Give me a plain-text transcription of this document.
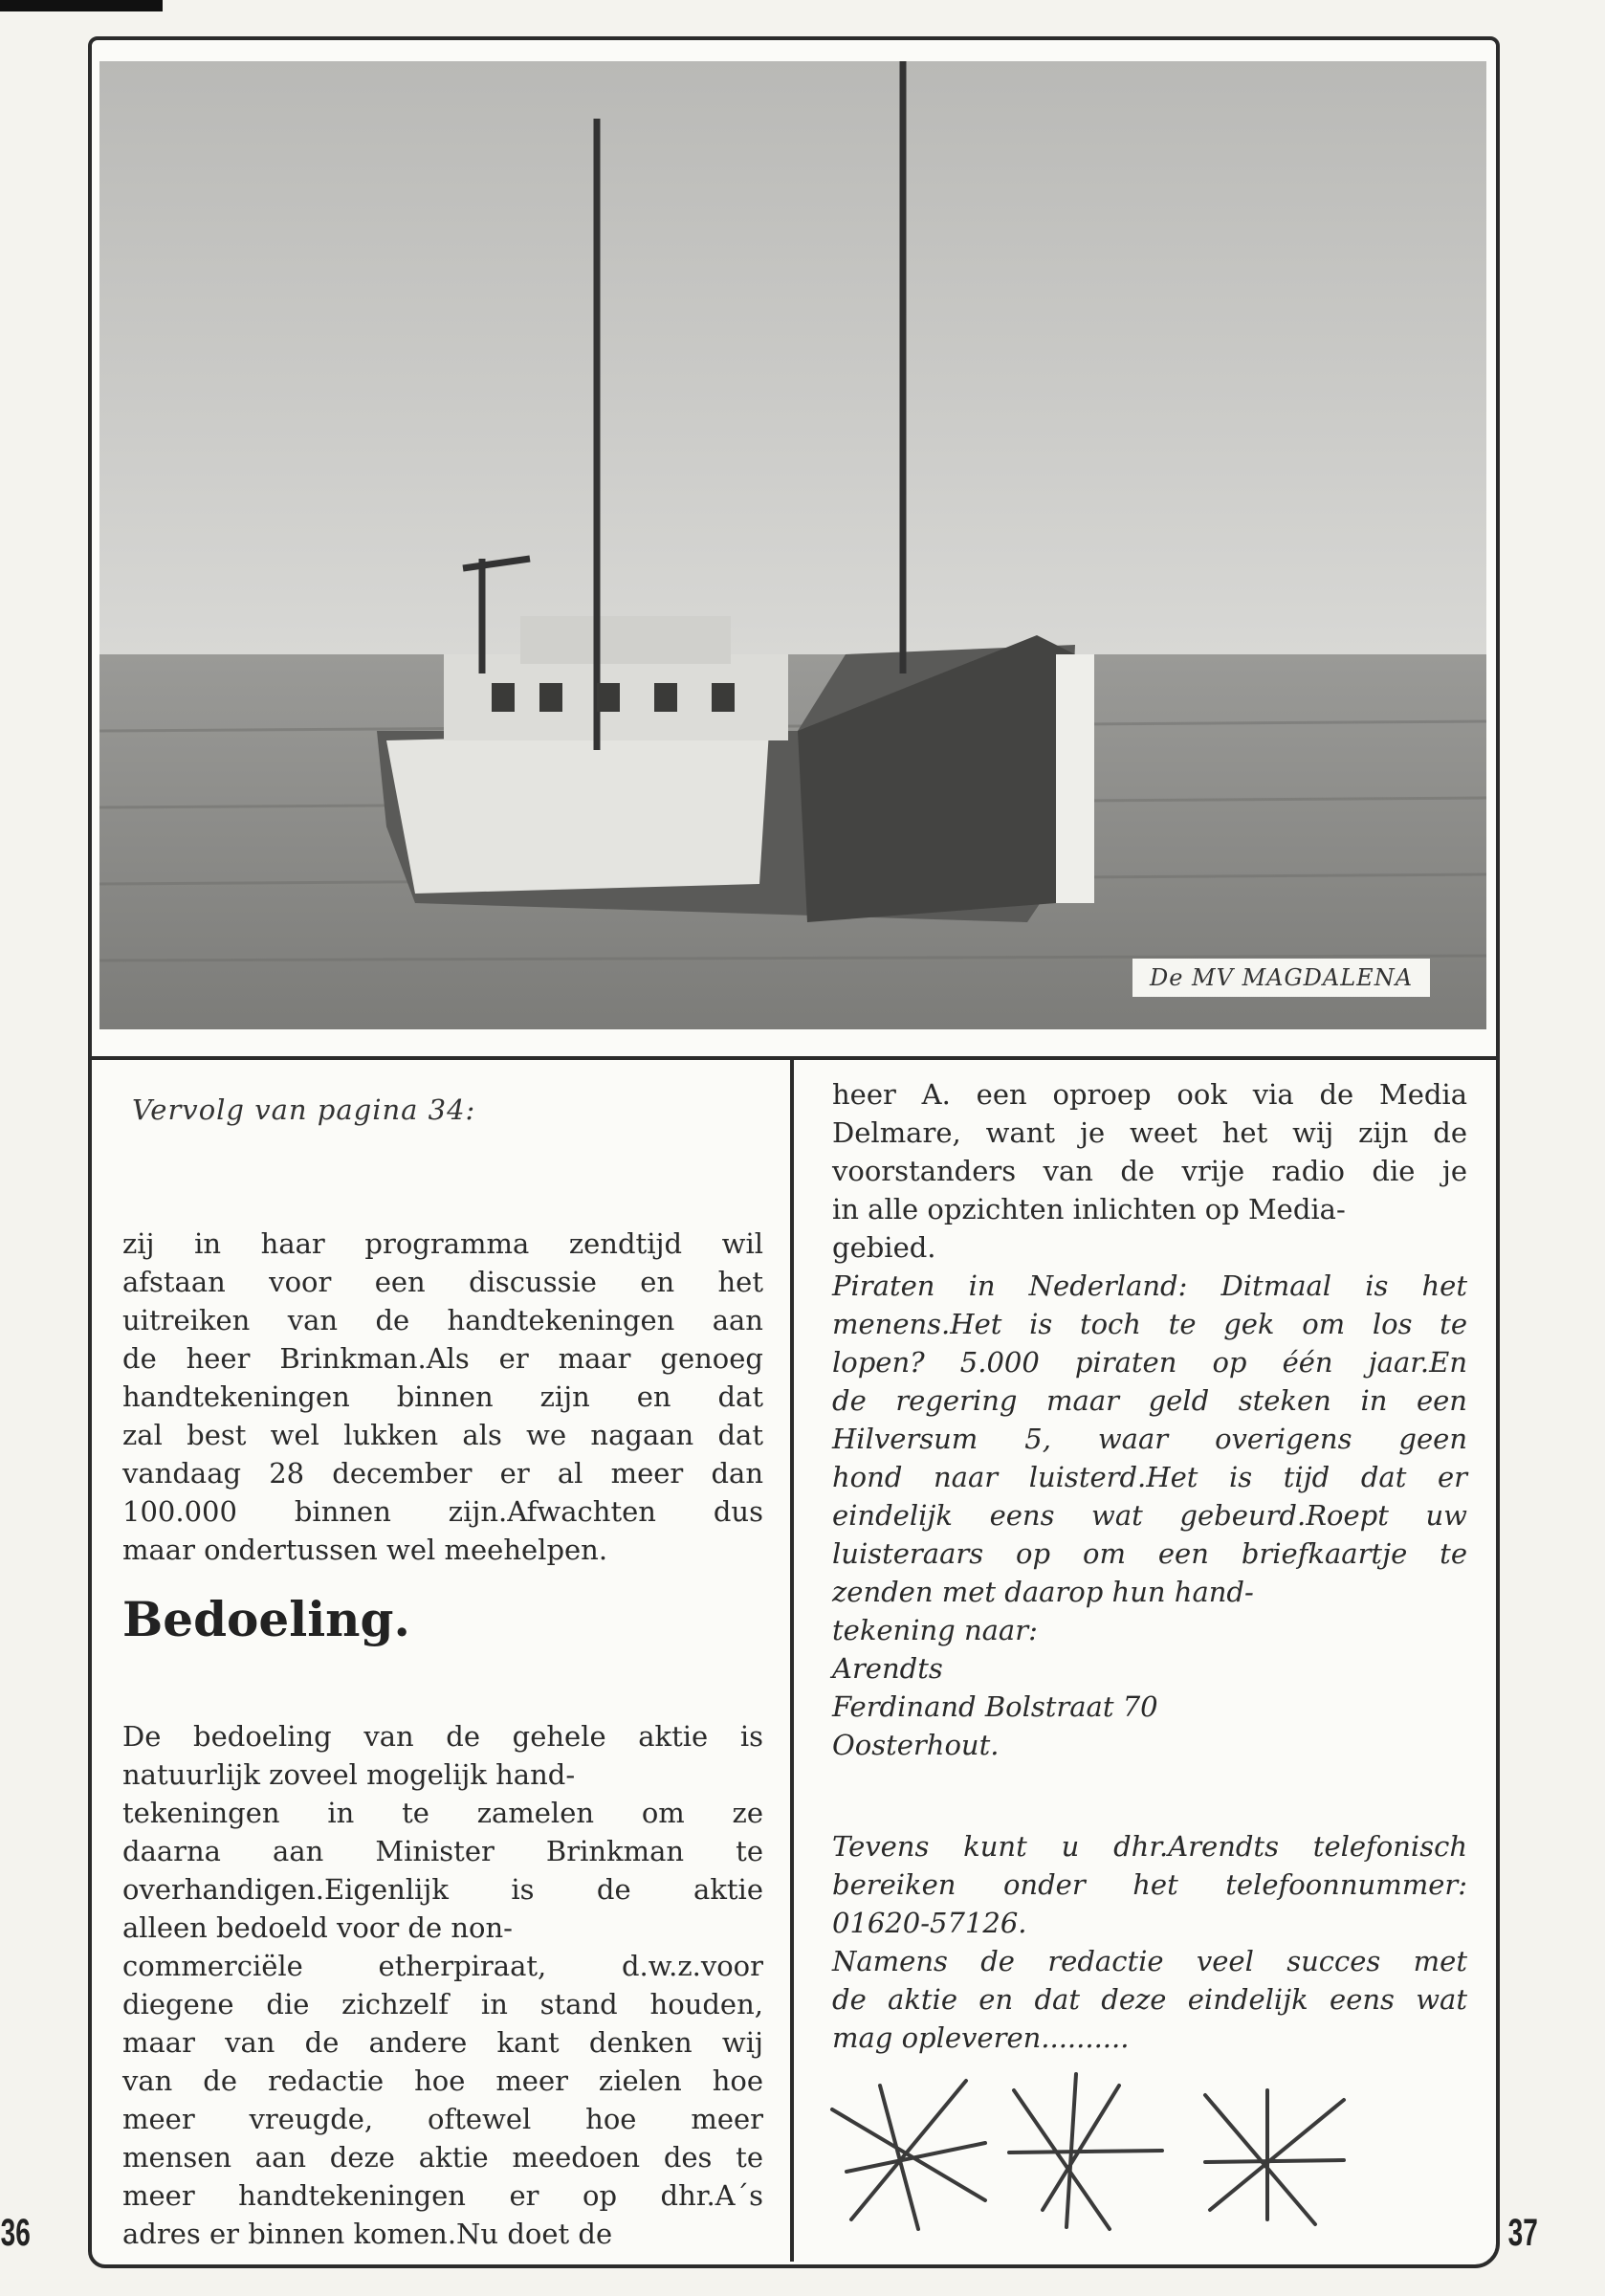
De MV MAGDALENA
Vervolg van pagina 34:
zij in haar programma zendtijd wil
afstaan voor een discussie en het
uitreiken van de handtekeningen aan
de heer Brinkman.Als er maar genoeg
handtekeningen binnen zijn en dat
zal best wel lukken als we nagaan dat
vandaag 28 december er al meer dan
100.000 binnen zijn.Afwachten dus
maar ondertussen wel meehelpen.
Bedoeling.
De bedoeling van de gehele aktie is
natuurlijk zoveel mogelijk hand-
tekeningen in te zamelen om ze
daarna aan Minister Brinkman te
overhandigen.Eigenlijk is de aktie
alleen bedoeld voor de non-
commerciële etherpiraat, d.w.z.voor
diegene die zichzelf in stand houden,
maar van de andere kant denken wij
van de redactie hoe meer zielen hoe
meer vreugde, oftewel hoe meer
mensen aan deze aktie meedoen des te
meer handtekeningen er op dhr.A´s
adres er binnen komen.Nu doet de
heer A. een oproep ook via de Media
Delmare, want je weet het wij zijn de
voorstanders van de vrije radio die je
in alle opzichten inlichten op Media-
gebied.
Piraten in Nederland: Ditmaal is het
menens.Het is toch te gek om los te
lopen? 5.000 piraten op één jaar.En
de regering maar geld steken in een
Hilversum 5, waar overigens geen
hond naar luisterd.Het is tijd dat er
eindelijk eens wat gebeurd.Roept uw
luisteraars op om een briefkaartje te
zenden met daarop hun hand-
tekening naar:
Arendts
Ferdinand Bolstraat 70
Oosterhout.
Tevens kunt u dhr.Arendts telefonisch
bereiken onder het telefoonnummer:
01620-57126.
Namens de redactie veel succes met
de aktie en dat deze eindelijk eens wat
mag opleveren..........
36	37
